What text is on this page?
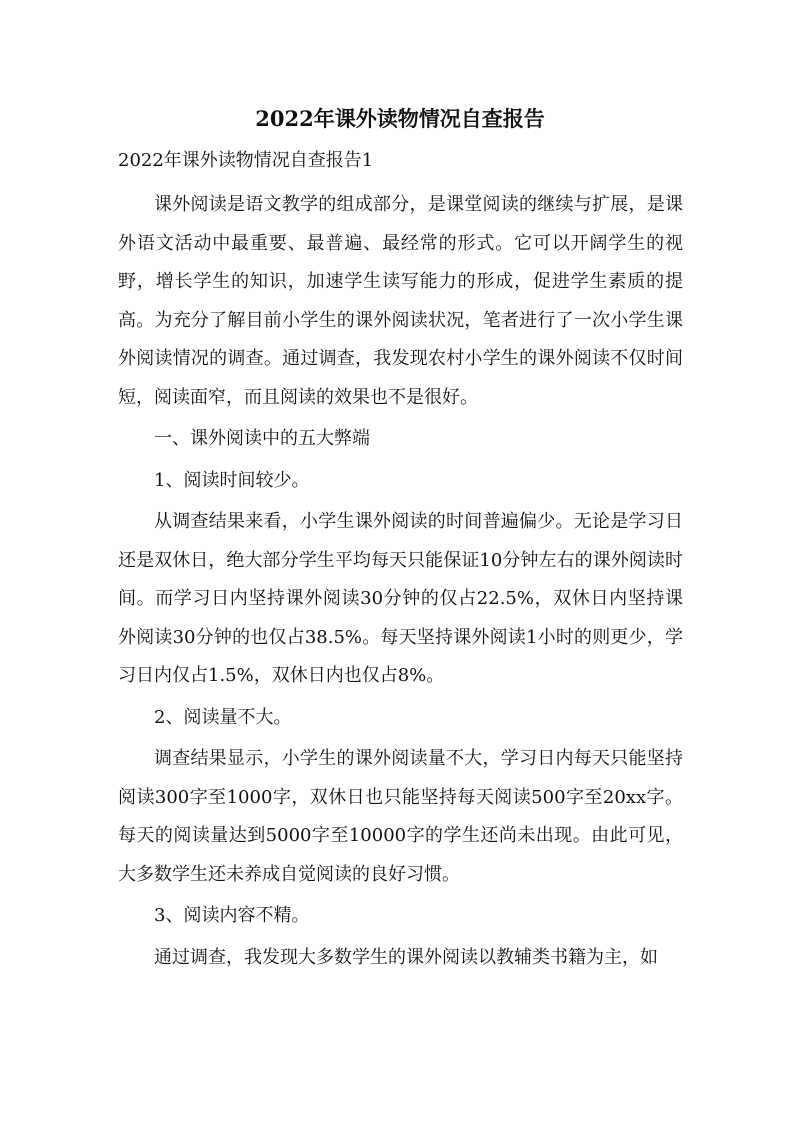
2022年课外读物情况自查报告

2022年课外读物情况自查报告1

课外阅读是语文教学的组成部分，是课堂阅读的继续与扩展，是课外语文活动中最重要、最普遍、最经常的形式。它可以开阔学生的视野，增长学生的知识，加速学生读写能力的形成，促进学生素质的提高。为充分了解目前小学生的课外阅读状况，笔者进行了一次小学生课外阅读情况的调查。通过调查，我发现农村小学生的课外阅读不仅时间短，阅读面窄，而且阅读的效果也不是很好。

一、课外阅读中的五大弊端

1、阅读时间较少。

从调查结果来看，小学生课外阅读的时间普遍偏少。无论是学习日还是双休日，绝大部分学生平均每天只能保证10分钟左右的课外阅读时间。而学习日内坚持课外阅读30分钟的仅占22.5%，双休日内坚持课外阅读30分钟的也仅占38.5%。每天坚持课外阅读1小时的则更少，学习日内仅占1.5%，双休日内也仅占8%。

2、阅读量不大。

调查结果显示，小学生的课外阅读量不大，学习日内每天只能坚持阅读300字至1000字，双休日也只能坚持每天阅读500字至20xx字。每天的阅读量达到5000字至10000字的学生还尚未出现。由此可见，大多数学生还未养成自觉阅读的良好习惯。

3、阅读内容不精。

通过调查，我发现大多数学生的课外阅读以教辅类书籍为主，如
